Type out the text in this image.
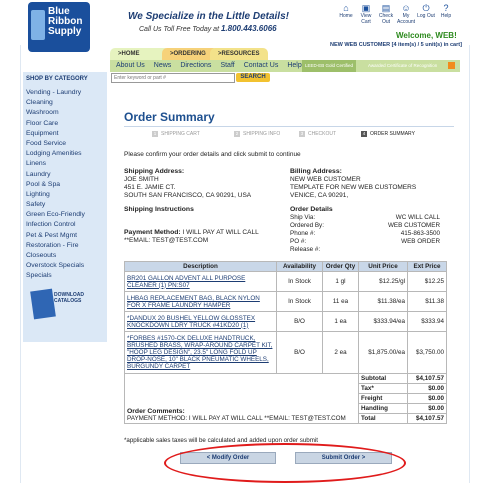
Blue
Ribbon
Supply
We Specialize in the Little Details!
Call Us Toll Free Today at 1.800.443.6066
⌂
Home
▣
View Cart
▤
Check Out
☺
My Account
⏻
Log Out
?
Help
Welcome, WEB!
NEW WEB CUSTOMER [4 item(s) / 5 unit(s) in cart]
>HOME	>ORDERING	>RESOURCES
About Us News Directions Staff Contact Us Help LEED-EB Gold Certified	Awarded Certificate of Recognition
Enter keyword or part #	SEARCH
SHOP BY CATEGORY
Vending - Laundry
Cleaning
Washroom
Floor Care
Equipment
Food Service
Lodging Amenities
Linens
Laundry
Pool & Spa
Lighting
Safety
Green Eco-Friendly
Infection Control
Pet & Pest Mgmt
Restoration - Fire
Closeouts
Overstock Specials
Specials
DOWNLOAD CATALOGS
Order Summary
1 SHIPPING CART	2 SHIPPING INFO	3 CHECKOUT	4 ORDER SUMMARY
Please confirm your order details and click submit to continue
Shipping Address:
JOE SMITH
451 E. JAMIE CT.
SOUTH SAN FRANCISCO, CA 90291, USA
Billing Address:
NEW WEB CUSTOMER
TEMPLATE FOR NEW WEB CUSTOMERS
VENICE, CA 90291,
Shipping Instructions	Order Details
Ship Via:	WC WILL CALL
Ordered By:	WEB CUSTOMER
Phone #:	415-863-3500
PO #:	WEB ORDER
Release #:
Payment Method: I WILL PAY AT WILL CALL
**EMAIL: TEST@TEST.COM
Description	Availability	Order Qty	Unit Price	Ext Price
BR201 GALLON ADVENT ALL PURPOSE CLEANER (1) PN:S07	In Stock	1 gl	$12.25/gl	$12.25
LHBAG REPLACEMENT BAG, BLACK NYLON FOR X FRAME LAUNDRY HAMPER	In Stock	11 ea	$11.38/ea	$11.38
*DANDUX 20 BUSHEL YELLOW GLOSSTEX KNOCKDOWN LDRY TRUCK #41KD20 (1)	B/O	1 ea	$333.94/ea	$333.94
*FORBES #1570-CK DELUXE HANDTRUCK, BRUSHED BRASS, WRAP-AROUND CARPET KIT, "HOOP LEG DESIGN", 23.5" LONG FOLD UP DROP-NOSE, 10" BLACK PNEUMATIC WHEELS, BURGUNDY CARPET	B/O	2 ea	$1,875.00/ea	$3,750.00

Order Comments:
PAYMENT METHOD: I WILL PAY AT WILL CALL **EMAIL: TEST@TEST.COM			Subtotal	$4,107.57
			Tax*	$0.00
			Freight	$0.00
			Handling	$0.00
			Total	$4,107.57
*applicable sales taxes will be calculated and added upon order submit
< Modify Order	Submit Order >
